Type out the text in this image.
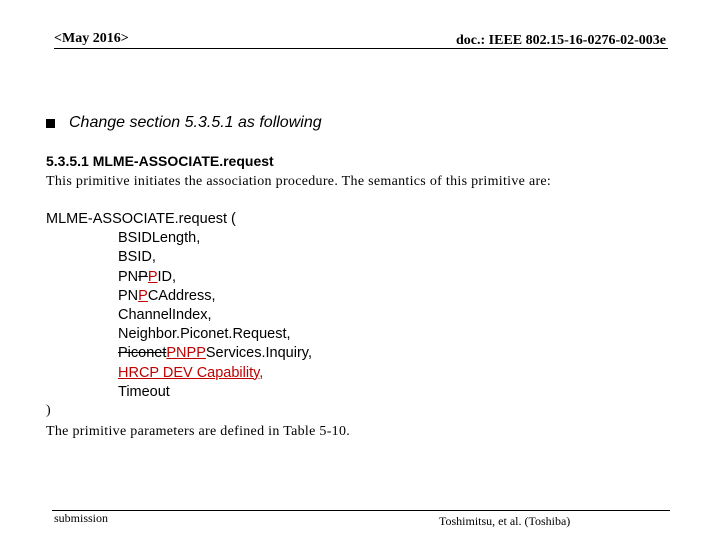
<May 2016>	doc.: IEEE 802.15-16-0276-02-003e
Change section 5.3.5.1 as following
5.3.5.1 MLME-ASSOCIATE.request
This primitive initiates the association procedure. The semantics of this primitive are:
MLME-ASSOCIATE.request (
BSIDLength,
BSID,
PNPPID,
PNPCAddress,
ChannelIndex,
Neighbor.Piconet.Request,
PiconetPNPPServices.Inquiry,
HRCP DEV Capability,
Timeout
)
The primitive parameters are defined in Table 5-10.
submission	Toshimitsu, et al. (Toshiba)
